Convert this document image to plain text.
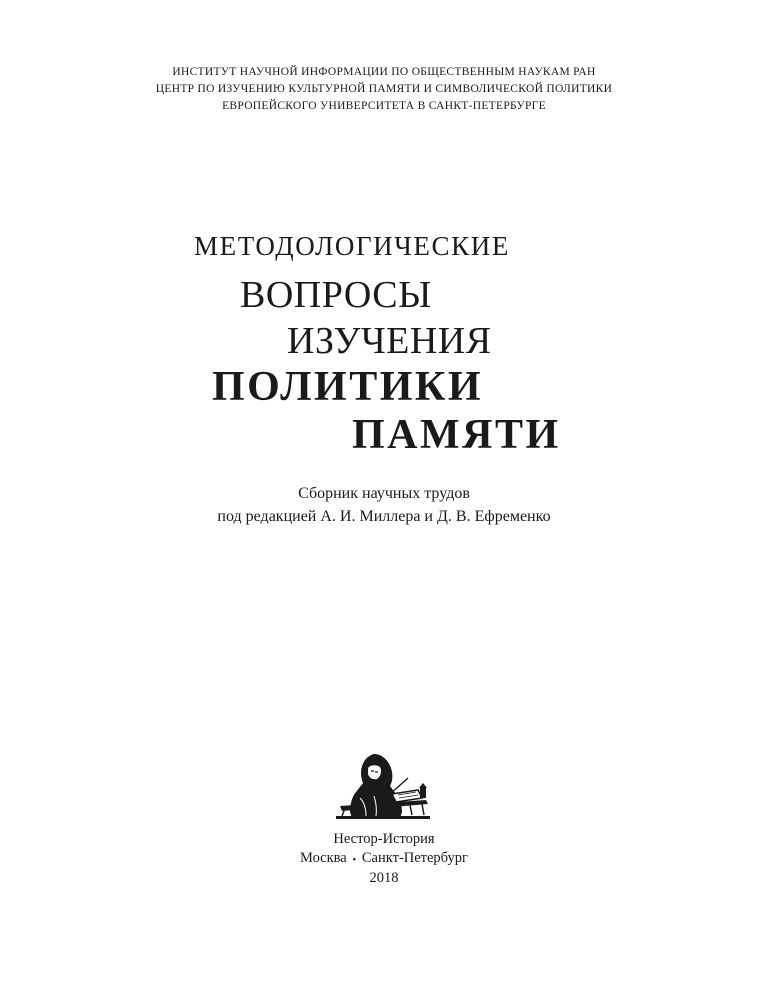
ИНСТИТУТ НАУЧНОЙ ИНФОРМАЦИИ ПО ОБЩЕСТВЕННЫМ НАУКАМ РАН
ЦЕНТР ПО ИЗУЧЕНИЮ КУЛЬТУРНОЙ ПАМЯТИ И СИМВОЛИЧЕСКОЙ ПОЛИТИКИ
ЕВРОПЕЙСКОГО УНИВЕРСИТЕТА В САНКТ-ПЕТЕРБУРГЕ
МЕТОДОЛОГИЧЕСКИЕ
ВОПРОСЫ
ИЗУЧЕНИЯ
ПОЛИТИКИ
ПАМЯТИ
Сборник научных трудов
под редакцией А. И. Миллера и Д. В. Ефременко
Нестор-История
Москва • Санкт-Петербург
2018
